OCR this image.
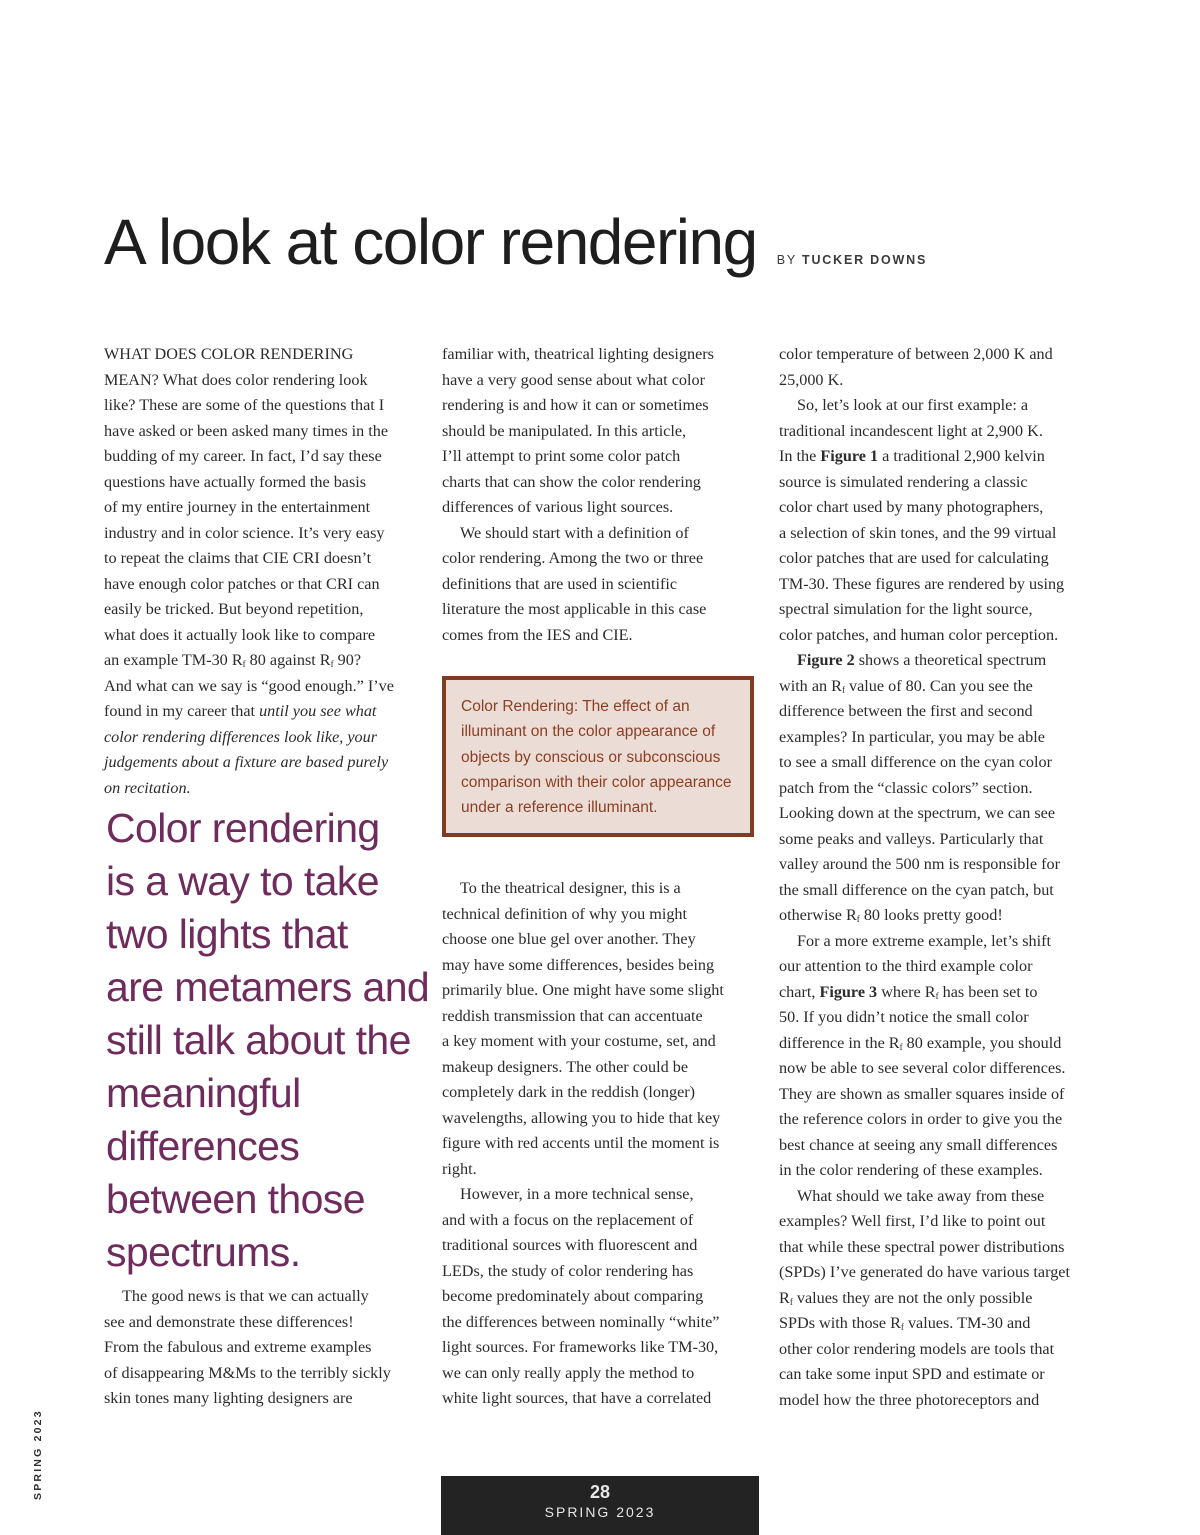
A look at color rendering BY TUCKER DOWNS
WHAT DOES COLOR RENDERING
MEAN? What does color rendering look
like? These are some of the questions that I
have asked or been asked many times in the
budding of my career. In fact, I’d say these
questions have actually formed the basis
of my entire journey in the entertainment
industry and in color science. It’s very easy
to repeat the claims that CIE CRI doesn’t
have enough color patches or that CRI can
easily be tricked. But beyond repetition,
what does it actually look like to compare
an example TM-30 $R_f$ 80 against $R_f$ 90?
And what can we say is “good enough.” I’ve
found in my career that until you see what
color rendering differences look like, your
judgements about a fixture are based purely
on recitation.
Color rendering
is a way to take
two lights that
are metamers and
still talk about the
meaningful
differences
between those
spectrums.
The good news is that we can actually
see and demonstrate these differences!
From the fabulous and extreme examples
of disappearing M&Ms to the terribly sickly
skin tones many lighting designers are
familiar with, theatrical lighting designers
have a very good sense about what color
rendering is and how it can or sometimes
should be manipulated. In this article,
I’ll attempt to print some color patch
charts that can show the color rendering
differences of various light sources.
We should start with a definition of
color rendering. Among the two or three
definitions that are used in scientific
literature the most applicable in this case
comes from the IES and CIE.
Color Rendering: The effect of an
illuminant on the color appearance of
objects by conscious or subconscious
comparison with their color appearance
under a reference illuminant.
To the theatrical designer, this is a
technical definition of why you might
choose one blue gel over another. They
may have some differences, besides being
primarily blue. One might have some slight
reddish transmission that can accentuate
a key moment with your costume, set, and
makeup designers. The other could be
completely dark in the reddish (longer)
wavelengths, allowing you to hide that key
figure with red accents until the moment is
right.
However, in a more technical sense,
and with a focus on the replacement of
traditional sources with fluorescent and
LEDs, the study of color rendering has
become predominately about comparing
the differences between nominally “white”
light sources. For frameworks like TM-30,
we can only really apply the method to
white light sources, that have a correlated
color temperature of between 2,000 K and
25,000 K.
So, let’s look at our first example: a
traditional incandescent light at 2,900 K.
In the Figure 1 a traditional 2,900 kelvin
source is simulated rendering a classic
color chart used by many photographers,
a selection of skin tones, and the 99 virtual
color patches that are used for calculating
TM-30. These figures are rendered by using
spectral simulation for the light source,
color patches, and human color perception.
Figure 2 shows a theoretical spectrum
with an $R_f$ value of 80. Can you see the
difference between the first and second
examples? In particular, you may be able
to see a small difference on the cyan color
patch from the “classic colors” section.
Looking down at the spectrum, we can see
some peaks and valleys. Particularly that
valley around the 500 nm is responsible for
the small difference on the cyan patch, but
otherwise $R_f$ 80 looks pretty good!
For a more extreme example, let’s shift
our attention to the third example color
chart, Figure 3 where $R_f$ has been set to
50. If you didn’t notice the small color
difference in the $R_f$ 80 example, you should
now be able to see several color differences.
They are shown as smaller squares inside of
the reference colors in order to give you the
best chance at seeing any small differences
in the color rendering of these examples.
What should we take away from these
examples? Well first, I’d like to point out
that while these spectral power distributions
(SPDs) I’ve generated do have various target
$R_f$ values they are not the only possible
SPDs with those $R_f$ values. TM-30 and
other color rendering models are tools that
can take some input SPD and estimate or
model how the three photoreceptors and
28
SPRING 2023
SPRING 2023
